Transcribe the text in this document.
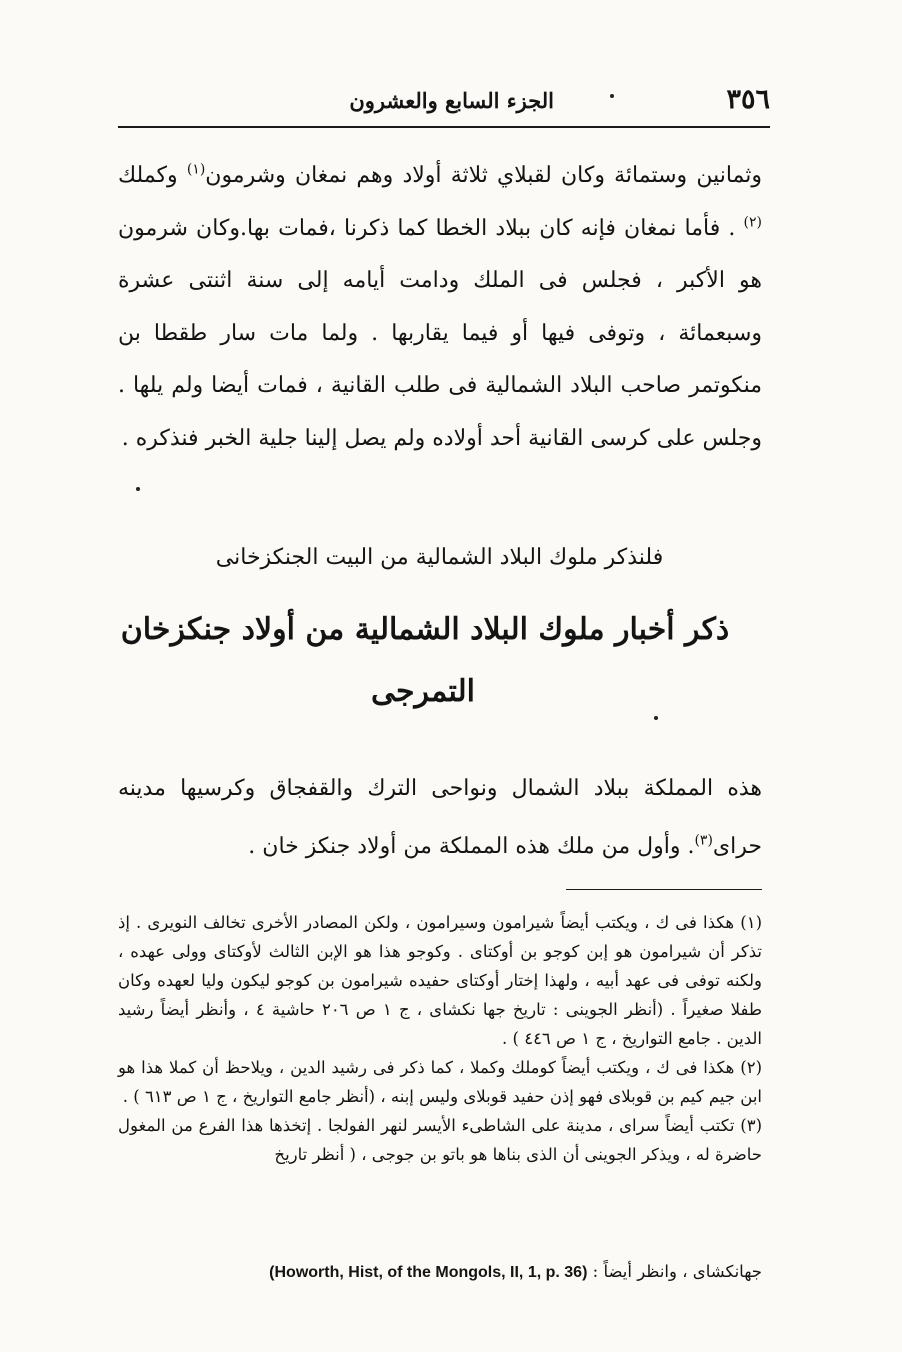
٣٥٦
الجزء السابع والعشرون

وثمانين وستمائة وكان لقبلاي ثلاثة أولاد وهم نمغان وشرمون$^{(١)}$ وكملك $^{(٢)}$ . فأما نمغان فإنه كان ببلاد الخطا كما ذكرنا ،فمات بها.وكان شرمون هو الأكبر ، فجلس فى الملك ودامت أيامه إلى سنة اثنتى عشرة وسبعمائة ، وتوفى فيها أو فيما يقاربها . ولما مات سار طقطا بن منكوتمر صاحب البلاد الشمالية فى طلب القانية ، فمات أيضا ولم يلها . وجلس على كرسى القانية أحد أولاده ولم يصل إلينا جلية الخبر فنذكره .

فلنذكر ملوك البلاد الشمالية من البيت الجنكزخانى
ذكر أخبار ملوك البلاد الشمالية من أولاد جنكزخان
التمرجى

هذه المملكة ببلاد الشمال ونواحى الترك والقفجاق وكرسيها مدينه حراى$^{(٣)}$. وأول من ملك هذه المملكة من أولاد جنكز خان .

(١) هكذا فى ك ، ويكتب أيضاً شيرامون وسيرامون ، ولكن المصادر الأخرى تخالف النويرى . إذ تذكر أن شيرامون هو إبن كوجو بن أوكتاى . وكوجو هذا هو الإبن الثالث لأوكتاى وولى عهده ، ولكنه توفى فى عهد أبيه ، ولهذا إختار أوكتاى حفيده شيرامون بن كوجو ليكون وليا لعهده وكان طفلا صغيراً . (أنظر الجوينى : تاريخ جها نكشاى ، ج ١ ص ٢٠٦ حاشية ٤ ، وأنظر أيضاً رشيد الدين . جامع التواريخ ، ج ١ ص ٤٤٦ ) .

(٢) هكذا فى ك ، ويكتب أيضاً كوملك وكملا ، كما ذكر فى رشيد الدين ، ويلاحظ أن كملا هذا هو ابن جيم كيم بن قوبلاى فهو إذن حفيد قوبلاى وليس إبنه ، (أنظر جامع التواريخ ، ج ١ ص ٦١٣ ) .

(٣) تكتب أيضاً سراى ، مدينة على الشاطىء الأيسر لنهر الفولجا . إتخذها هذا الفرع من المغول حاضرة له ، ويذكر الجوينى أن الذى بناها هو باتو بن جوجى ، ( أنظر تاريخ

جهانكشاى ، وانظر أيضاً : (Howorth, Hist, of the Mongols, II, 1, p. 36)
